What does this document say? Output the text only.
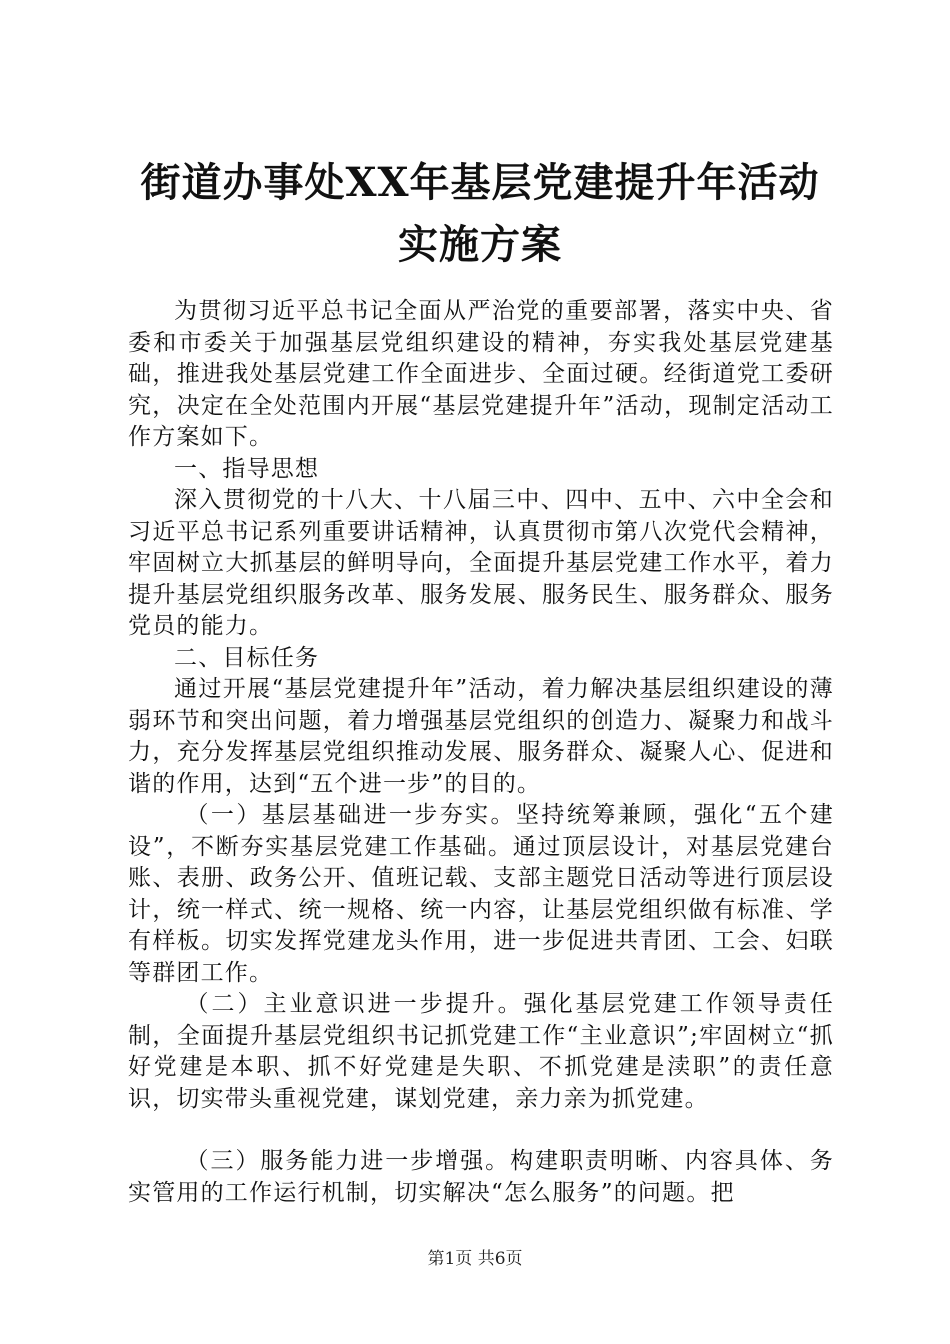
街道办事处XX年基层党建提升年活动实施方案

为贯彻习近平总书记全面从严治党的重要部署，落实中央、省委和市委关于加强基层党组织建设的精神，夯实我处基层党建基础，推进我处基层党建工作全面进步、全面过硬。经街道党工委研究，决定在全处范围内开展“基层党建提升年”活动，现制定活动工作方案如下。

一、指导思想

深入贯彻党的十八大、十八届三中、四中、五中、六中全会和习近平总书记系列重要讲话精神，认真贯彻市第八次党代会精神，牢固树立大抓基层的鲜明导向，全面提升基层党建工作水平，着力提升基层党组织服务改革、服务发展、服务民生、服务群众、服务党员的能力。

二、目标任务

通过开展“基层党建提升年”活动，着力解决基层组织建设的薄弱环节和突出问题，着力增强基层党组织的创造力、凝聚力和战斗力，充分发挥基层党组织推动发展、服务群众、凝聚人心、促进和谐的作用，达到“五个进一步”的目的。

（一）基层基础进一步夯实。坚持统筹兼顾，强化“五个建设”，不断夯实基层党建工作基础。通过顶层设计，对基层党建台账、表册、政务公开、值班记载、支部主题党日活动等进行顶层设计，统一样式、统一规格、统一内容，让基层党组织做有标准、学有样板。切实发挥党建龙头作用，进一步促进共青团、工会、妇联等群团工作。

（二）主业意识进一步提升。强化基层党建工作领导责任制，全面提升基层党组织书记抓党建工作“主业意识”;牢固树立“抓好党建是本职、抓不好党建是失职、不抓党建是渎职”的责任意识，切实带头重视党建，谋划党建，亲力亲为抓党建。

（三）服务能力进一步增强。构建职责明晰、内容具体、务实管用的工作运行机制，切实解决“怎么服务”的问题。把

第1页 共6页
